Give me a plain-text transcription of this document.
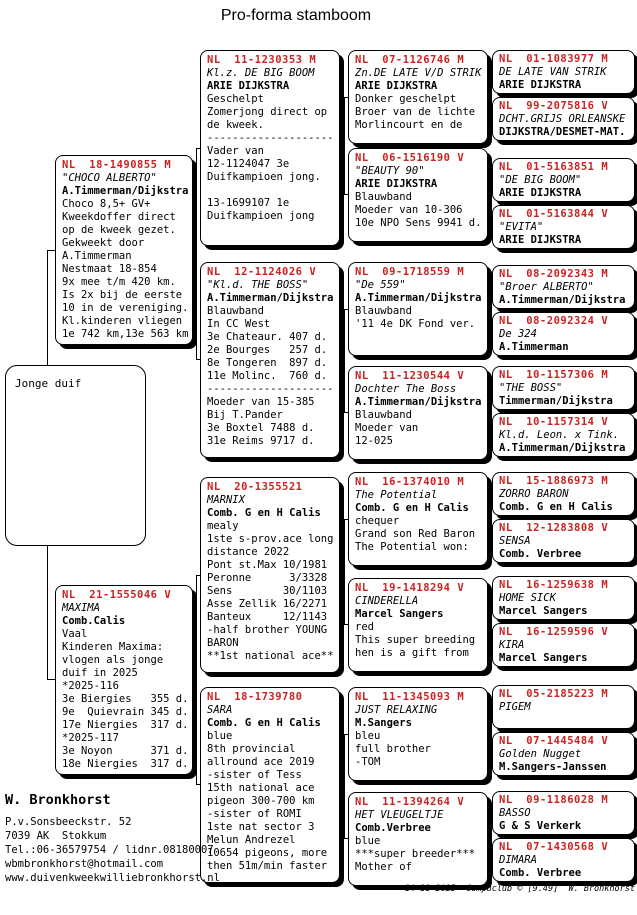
Pro-forma stamboom
Jonge duif
NL  18-1490855 M
"CHOCO ALBERTO"
A.Timmerman/Dijkstra
Choco 8,5+ GV+
Kweekdoffer direct
op de kweek gezet.
Gekweekt door
A.Timmerman
Nestmaat 18-854
9x mee t/m 420 km.
Is 2x bij de eerste
10 in de vereniging.
Kl.kinderen vliegen
1e 742 km,13e 563 km
NL  21-1555046 V
MAXIMA
Comb.Calis
Vaal
Kinderen Maxima:
vlogen als jonge
duif in 2025
*2025-116
3e Biergies   355 d.
9e  Quievrain 345 d.
17e Niergies  317 d.
*2025-117
3e Noyon      371 d.
18e Niergies  317 d.
NL  11-1230353 M
Kl.z. DE BIG BOOM
ARIE DIJKSTRA
Geschelpt
Zomerjong direct op
de kweek.
--------------------
Vader van
12-1124047 3e
Duifkampioen jong.

13-1699107 1e
Duifkampioen jong
NL  12-1124026 V
"Kl.d. THE BOSS"
A.Timmerman/Dijkstra
Blauwband
In CC West
3e Chateaur. 407 d.
2e Bourges   257 d.
8e Tongeren  897 d.
11e Molinc.  760 d.
--------------------
Moeder van 15-385
Bij T.Pander
3e Boxtel 7488 d.
31e Reims 9717 d.
NL  20-1355521
MARNIX
Comb. G en H Calis
mealy
1ste s-prov.ace long
distance 2022
Pont st.Max 10/1981
Peronne      3/3328
Sens        30/1103
Asse Zellik 16/2271
Banteux     12/1143
-half brother YOUNG
BARON
**1st national ace**
NL  18-1739780
SARA
Comb. G en H Calis
blue
8th provincial
allround ace 2019
-sister of Tess
15th national ace
pigeon 300-700 km
-sister of ROMI
1ste nat sector 3
Melun Andrezel
10654 pigeons, more
then 51m/min faster
NL  07-1126746 M
Zn.DE LATE V/D STRIK
ARIE DIJKSTRA
Donker geschelpt
Broer van de lichte
Morlincourt en de
NL  06-1516190 V
"BEAUTY 90"
ARIE DIJKSTRA
Blauwband
Moeder van 10-306
10e NPO Sens 9941 d.
NL  09-1718559 M
"De 559"
A.Timmerman/Dijkstra
Blauwband
'11 4e DK Fond ver.
NL  11-1230544 V
Dochter The Boss
A.Timmerman/Dijkstra
Blauwband
Moeder van
12-025
NL  16-1374010 M
The Potential
Comb. G en H Calis
chequer
Grand son Red Baron
The Potential won:
NL  19-1418294 V
CINDERELLA
Marcel Sangers
red
This super breeding
hen is a gift from
NL  11-1345093 M
JUST RELAXING
M.Sangers
bleu
full brother
-TOM
NL  11-1394264 V
HET VLEUGELTJE
Comb.Verbree
blue
***super breeder***
Mother of
NL  01-1083977 M
DE LATE VAN STRIK
ARIE DIJKSTRA
NL  99-2075816 V
DCHT.GRIJS ORLEANSKE
DIJKSTRA/DESMET-MAT.
NL  01-5163851 M
"DE BIG BOOM"
ARIE DIJKSTRA
NL  01-5163844 V
"EVITA"
ARIE DIJKSTRA
NL  08-2092343 M
"Broer ALBERTO"
A.Timmerman/Dijkstra
NL  08-2092324 V
De 324
A.Timmerman
NL  10-1157306 M
"THE BOSS"
Timmerman/Dijkstra
NL  10-1157314 V
Kl.d. Leon. x Tink.
A.Timmerman/Dijkstra
NL  15-1886973 M
ZORRO BARON
Comb. G en H Calis
NL  12-1283808 V
SENSA
Comb. Verbree
NL  16-1259638 M
HOME SICK
Marcel Sangers
NL  16-1259596 V
KIRA
Marcel Sangers
NL  05-2185223 M
PIGEM
NL  07-1445484 V
Golden Nugget
M.Sangers-Janssen
NL  09-1186028 M
BASSO
G & S Verkerk
NL  07-1430568 V
DIMARA
Comb. Verbree
W. Bronkhorst
P.v.Sonsbeeckstr. 52
7039 AK  Stokkum
Tel.:06-36579754 / lidnr.08180007
wbmbronkhorst@hotmail.com
www.duivenkweekwilliebronkhorst.nl
14-11-2025  Compuclub © [9.49]  W. Bronkhorst
